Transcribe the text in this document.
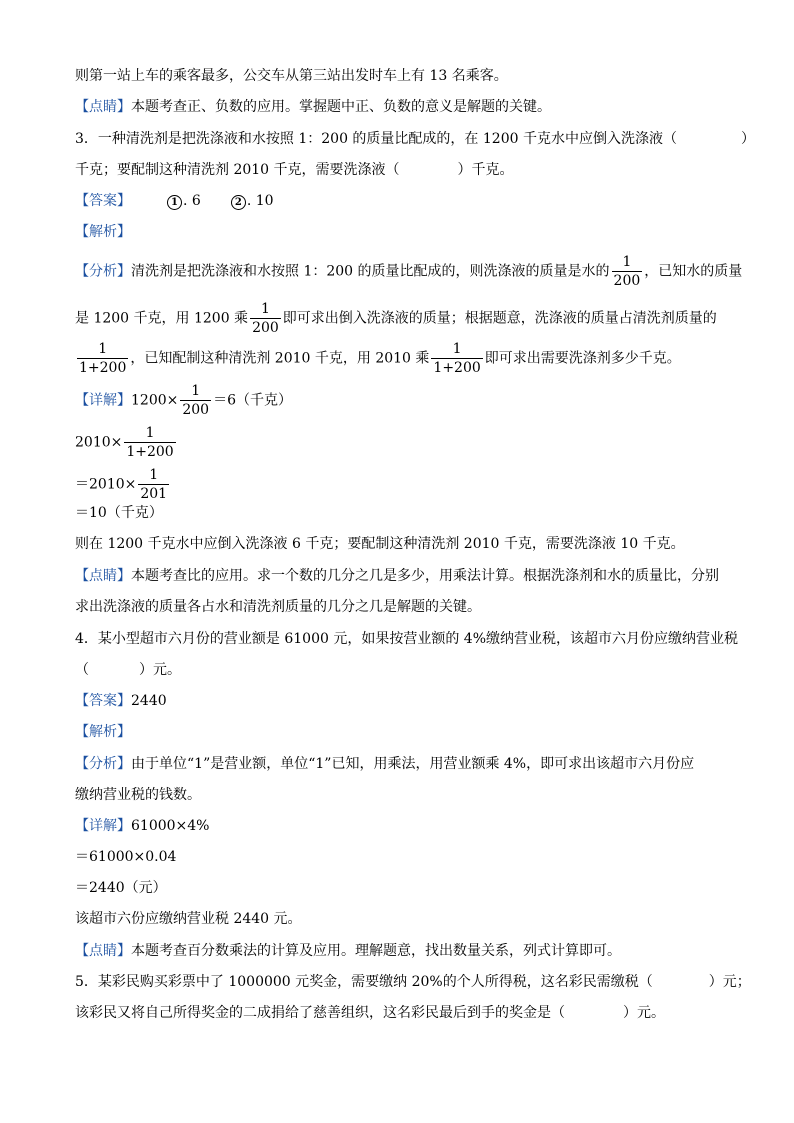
则第一站上车的乘客最多，公交车从第三站出发时车上有 13 名乘客。
【点睛】本题考查正、负数的应用。掌握题中正、负数的意义是解题的关键。
3．一种清洗剂是把洗涤液和水按照 1：200 的质量比配成的，在 1200 千克水中应倒入洗涤液（	）
千克；要配制这种清洗剂 2010 千克，需要洗涤液（	）千克。
【答案】	1 . 6	2 . 10
【解析】
【分析】清洗剂是把洗涤液和水按照 1：200 的质量比配成的，则洗涤液的质量是水的 $\frac{1}{200}$ ，已知水的质量
是 1200 千克，用 1200 乘 $\frac{1}{200}$ 即可求出倒入洗涤液的质量；根据题意，洗涤液的质量占清洗剂质量的
$\frac{1}{1+200}$ ，已知配制这种清洗剂 2010 千克，用 2010 乘 $\frac{1}{1+200}$ 即可求出需要洗涤剂多少千克。
【详解】$1200\times \frac{1}{200} =6$（千克）
$2010\times \frac{1}{1+200}$
$=2010\times \frac{1}{201}$
＝10（千克）
则在 1200 千克水中应倒入洗涤液 6 千克；要配制这种清洗剂 2010 千克，需要洗涤液 10 千克。
【点睛】本题考查比的应用。求一个数的几分之几是多少，用乘法计算。根据洗涤剂和水的质量比，分别
求出洗涤液的质量各占水和清洗剂质量的几分之几是解题的关键。
4．某小型超市六月份的营业额是 61000 元，如果按营业额的 4%缴纳营业税，该超市六月份应缴纳营业税
（	）元。
【答案】2440
【解析】
【分析】由于单位“1”是营业额，单位“1”已知，用乘法，用营业额乘 4%，即可求出该超市六月份应
缴纳营业税的钱数。
【详解】61000×4%
＝61000×0.04
＝2440（元）
该超市六份应缴纳营业税 2440 元。
【点睛】本题考查百分数乘法的计算及应用。理解题意，找出数量关系，列式计算即可。
5．某彩民购买彩票中了 1000000 元奖金，需要缴纳 20%的个人所得税，这名彩民需缴税（	）元；
该彩民又将自己所得奖金的二成捐给了慈善组织，这名彩民最后到手的奖金是（	）元。
